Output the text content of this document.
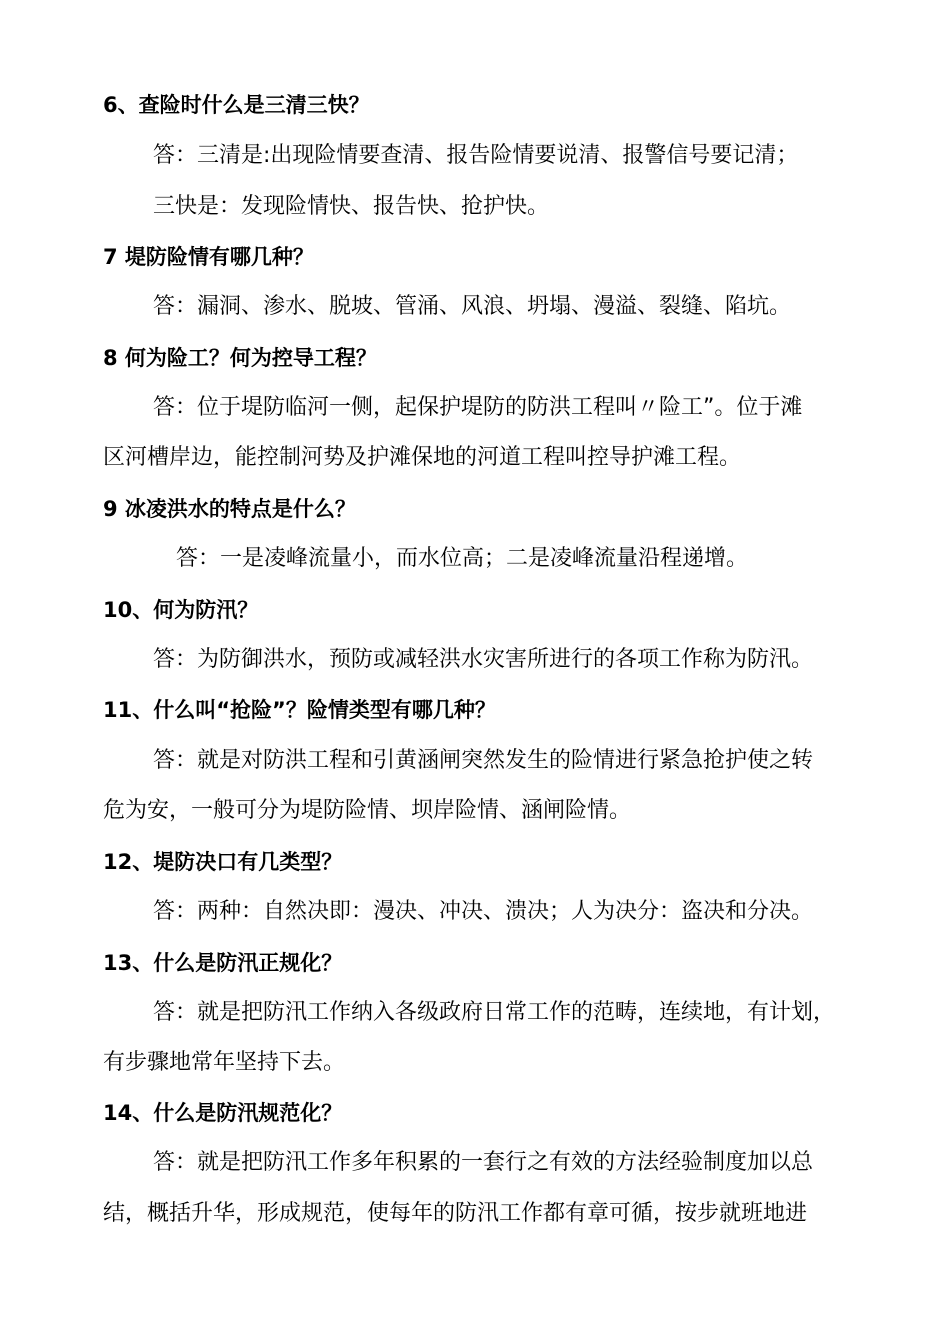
6、查险时什么是三清三快？
答：三清是:出现险情要查清、报告险情要说清、报警信号要记清；
三快是：发现险情快、报告快、抢护快。
7 堤防险情有哪几种？
答：漏洞、渗水、脱坡、管涌、风浪、坍塌、漫溢、裂缝、陷坑。
8 何为险工？何为控导工程？
答：位于堤防临河一侧，起保护堤防的防洪工程叫〃险工”。位于滩
区河槽岸边，能控制河势及护滩保地的河道工程叫控导护滩工程。
9 冰凌洪水的特点是什么？
答：一是凌峰流量小，而水位高；二是凌峰流量沿程递增。
10、何为防汛？
答：为防御洪水，预防或减轻洪水灾害所进行的各项工作称为防汛。
11、什么叫“抢险”？险情类型有哪几种？
答：就是对防洪工程和引黄涵闸突然发生的险情进行紧急抢护使之转
危为安，一般可分为堤防险情、坝岸险情、涵闸险情。
12、堤防决口有几类型？
答：两种：自然决即：漫决、冲决、溃决；人为决分：盗决和分决。
13、什么是防汛正规化？
答：就是把防汛工作纳入各级政府日常工作的范畴，连续地，有计划，
有步骤地常年坚持下去。
14、什么是防汛规范化？
答：就是把防汛工作多年积累的一套行之有效的方法经验制度加以总
结，概括升华，形成规范，使每年的防汛工作都有章可循，按步就班地进
